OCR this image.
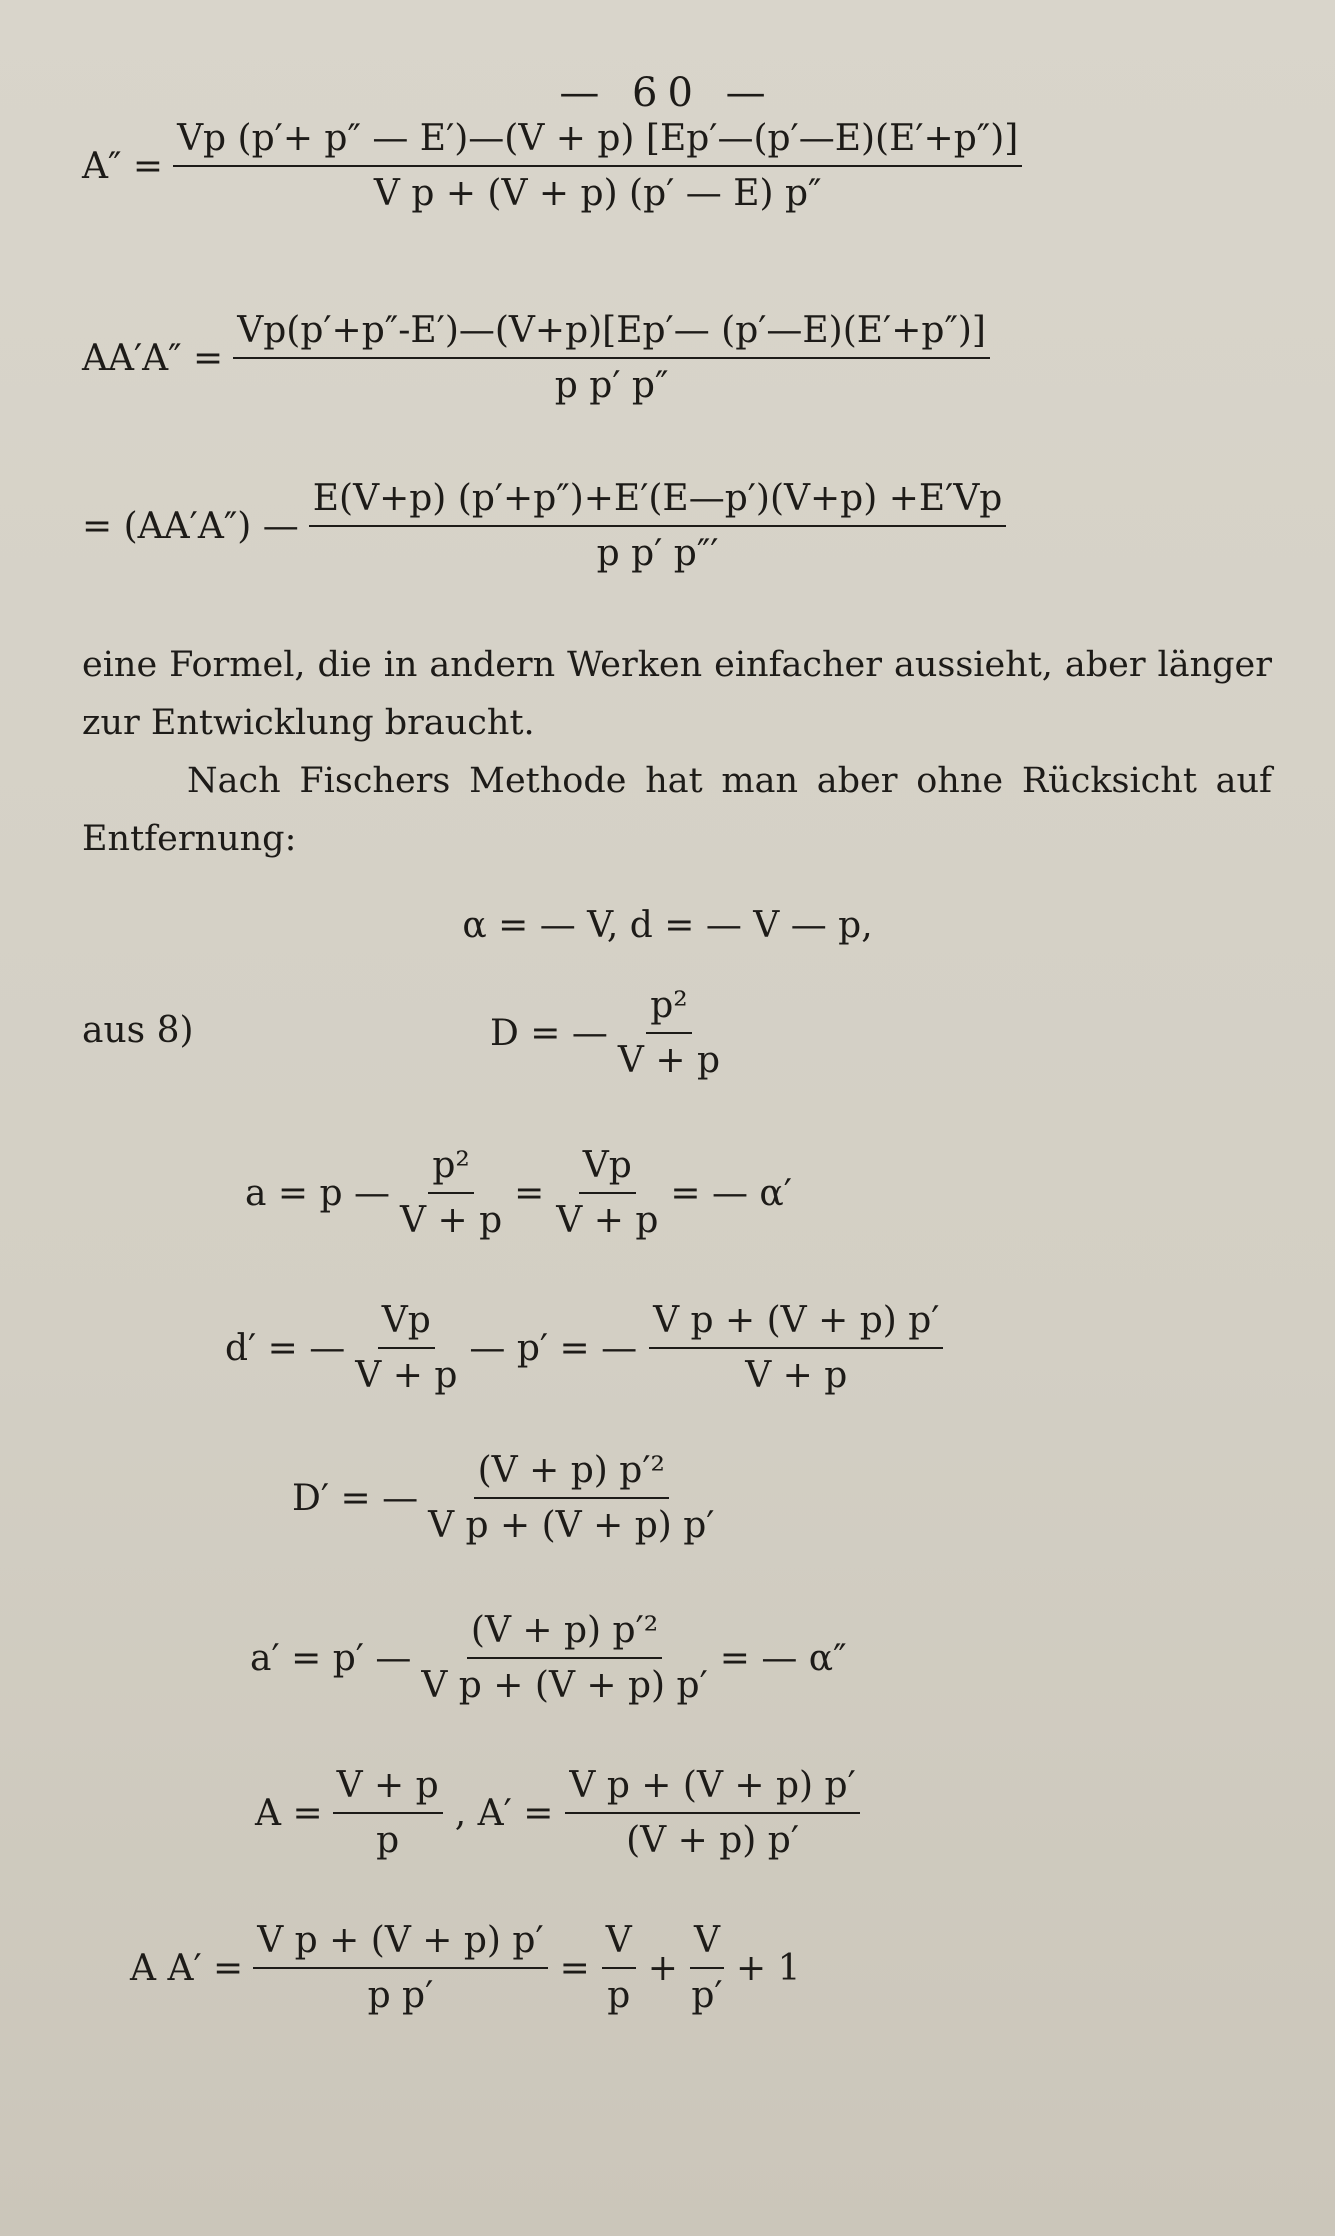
— 60 —
$A'' = \frac{Vp (p'+ p'' — E')—(V + p) [Ep'—(p'—E)(E'+p'')]}{\text{V p + (V + p) (p′ — E) p″}}$
$AA'A'' = \frac{Vp(p'+p''-E')—(V+p)[Ep'— (p'—E)(E'+p'')]}{\text{p p′ p″}}$
= (AA′A″) — $\frac{E(V+p) (p'+p'')+E'(E—p')(V+p) +E'Vp}{\text{p p′ p″′}}$

eine Formel, die in andern Werken einfacher aussieht, aber länger zur Entwicklung braucht.

Nach Fischers Methode hat man aber ohne Rücksicht auf Entfernung:

α = — V, d = — V — p,
aus 8)	D = — $\frac{\text{p²}}{V + p}$
a = p — $\frac{\text{p²}}{V + p} = \frac{Vp}{V + p}$ = — α′
d′ = — $\frac{Vp}{V + p}$ — p′ = — $\frac{\text{V p + (V + p) p′}}{V + p}$
D′ = — $\frac{\text{(V + p) p′²}}{\text{V p + (V + p) p′}}$
a′ = p′ — $\frac{\text{(V + p) p′²}}{\text{V p + (V + p) p′}}$ = — α″
$A = \frac{V + p}{p}$ , $A' = \frac{\text{V p + (V + p) p′}}{(V + p) p'}$
A $A' = \frac{\text{V p + (V + p) p′}}{\text{p p′}} = \frac{V}{p} + \frac{V}{p'} + 1$
